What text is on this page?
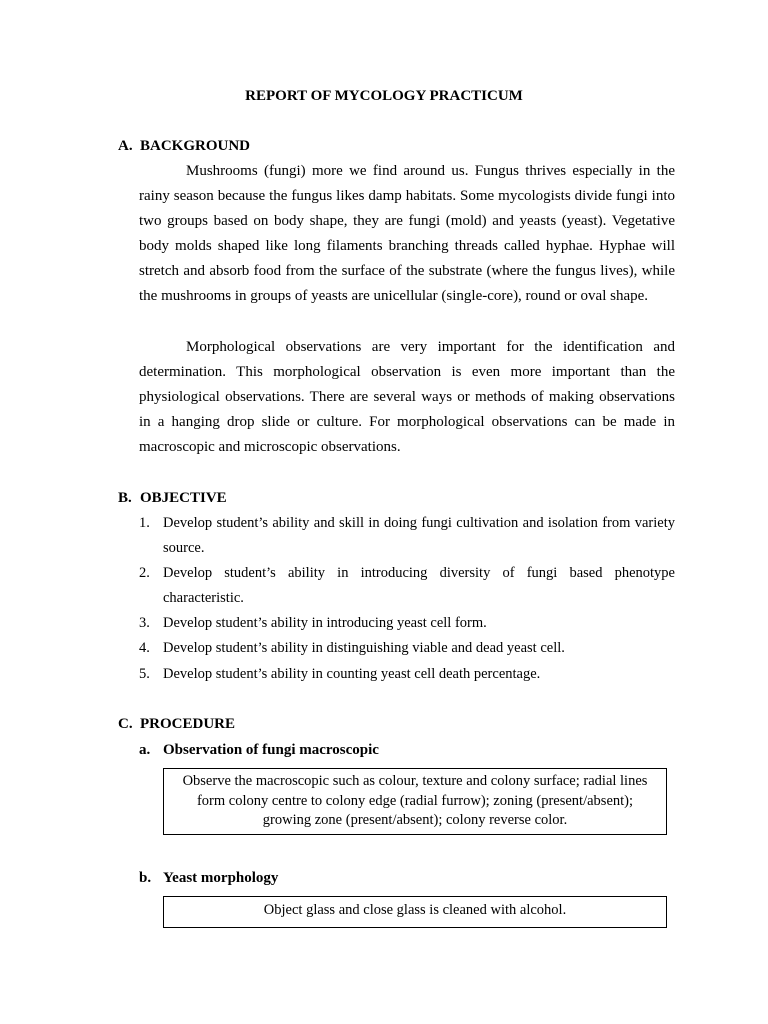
REPORT OF MYCOLOGY PRACTICUM
A. BACKGROUND

Mushrooms (fungi) more we find around us. Fungus thrives especially in the rainy season because the fungus likes damp habitats. Some mycologists divide fungi into two groups based on body shape, they are fungi (mold) and yeasts (yeast). Vegetative body molds shaped like long filaments branching threads called hyphae. Hyphae will stretch and absorb food from the surface of the substrate (where the fungus lives), while the mushrooms in groups of yeasts are unicellular (single-core), round or oval shape.

Morphological observations are very important for the identification and determination. This morphological observation is even more important than the physiological observations. There are several ways or methods of making observations in a hanging drop slide or culture. For morphological observations can be made in macroscopic and microscopic observations.

B. OBJECTIVE
1. Develop student’s ability and skill in doing fungi cultivation and isolation from variety source.
2. Develop student’s ability in introducing diversity of fungi based phenotype characteristic.
3. Develop student’s ability in introducing yeast cell form.
4. Develop student’s ability in distinguishing viable and dead yeast cell.
5. Develop student’s ability in counting yeast cell death percentage.
C. PROCEDURE
a. Observation of fungi macroscopic
Observe the macroscopic such as colour, texture and colony surface; radial lines form colony centre to colony edge (radial furrow); zoning (present/absent); growing zone (present/absent); colony reverse color.
b. Yeast morphology
Object glass and close glass is cleaned with alcohol.
